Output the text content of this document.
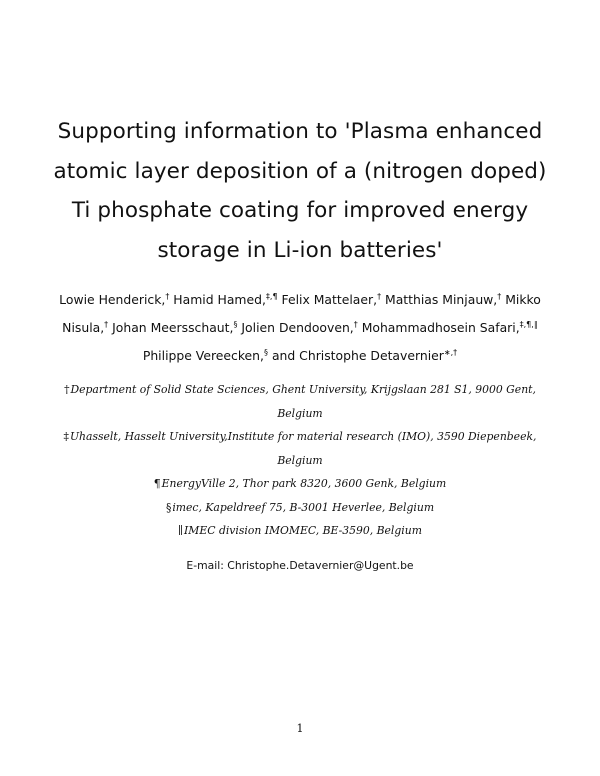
Supporting information to 'Plasma enhanced
atomic layer deposition of a (nitrogen doped)
Ti phosphate coating for improved energy
storage in Li-ion batteries'
Lowie Henderick,† Hamid Hamed,‡,¶ Felix Mattelaer,† Matthias Minjauw,† Mikko
Nisula,† Johan Meersschaut,§ Jolien Dendooven,† Mohammadhosein Safari,‡,¶,∥
Philippe Vereecken,§ and Christophe Detavernier∗,†
†Department of Solid State Sciences, Ghent University, Krijgslaan 281 S1, 9000 Gent,
Belgium
‡Uhasselt, Hasselt University,Institute for material research (IMO), 3590 Diepenbeek,
Belgium
¶EnergyVille 2, Thor park 8320, 3600 Genk, Belgium
§imec, Kapeldreef 75, B-3001 Heverlee, Belgium
∥IMEC division IMOMEC, BE-3590, Belgium
E-mail: Christophe.Detavernier@Ugent.be
1
